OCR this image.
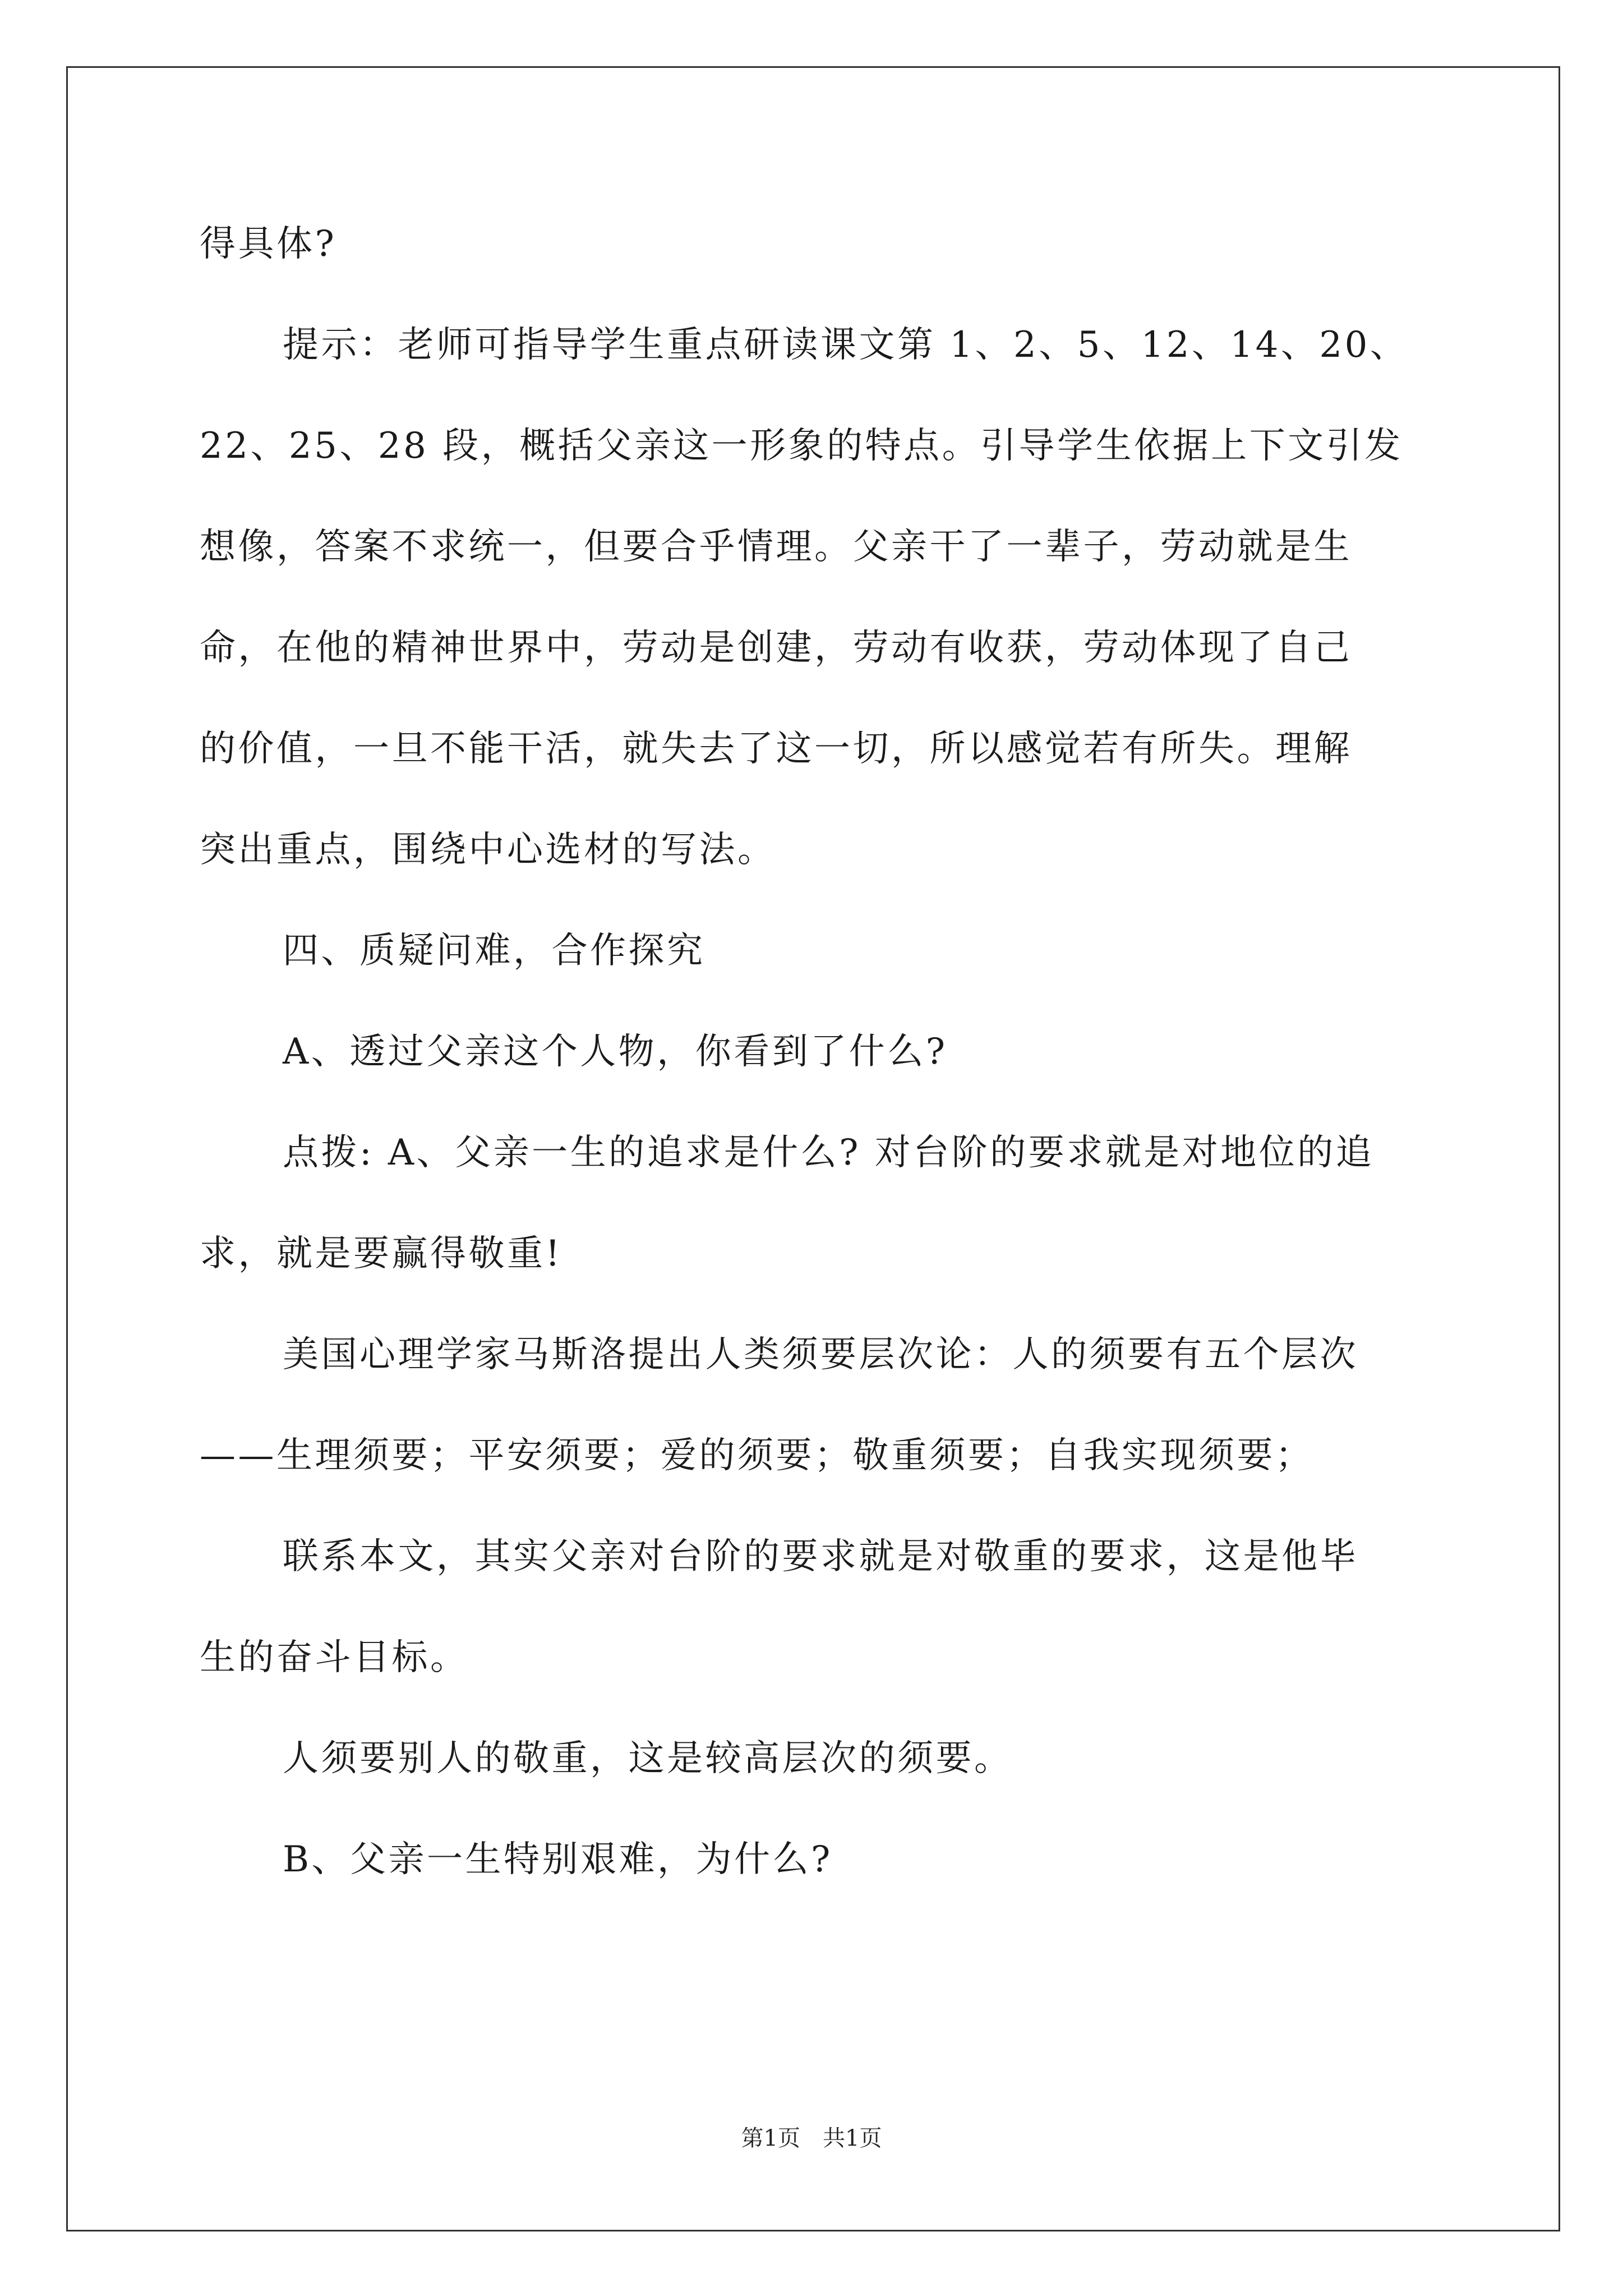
得具体?
提示：老师可指导学生重点研读课文第 1、2、5、12、14、20、
22、25、28 段，概括父亲这一形象的特点。引导学生依据上下文引发
想像，答案不求统一，但要合乎情理。父亲干了一辈子，劳动就是生
命，在他的精神世界中，劳动是创建，劳动有收获，劳动体现了自己
的价值，一旦不能干活，就失去了这一切，所以感觉若有所失。理解
突出重点，围绕中心选材的写法。
四、质疑问难，合作探究
A、透过父亲这个人物，你看到了什么?
点拨: A、父亲一生的追求是什么? 对台阶的要求就是对地位的追
求，就是要赢得敬重!
美国心理学家马斯洛提出人类须要层次论：人的须要有五个层次
——生理须要；平安须要；爱的须要；敬重须要；自我实现须要；
联系本文，其实父亲对台阶的要求就是对敬重的要求，这是他毕
生的奋斗目标。
人须要别人的敬重，这是较高层次的须要。
B、父亲一生特别艰难，为什么?
第1页　共1页
